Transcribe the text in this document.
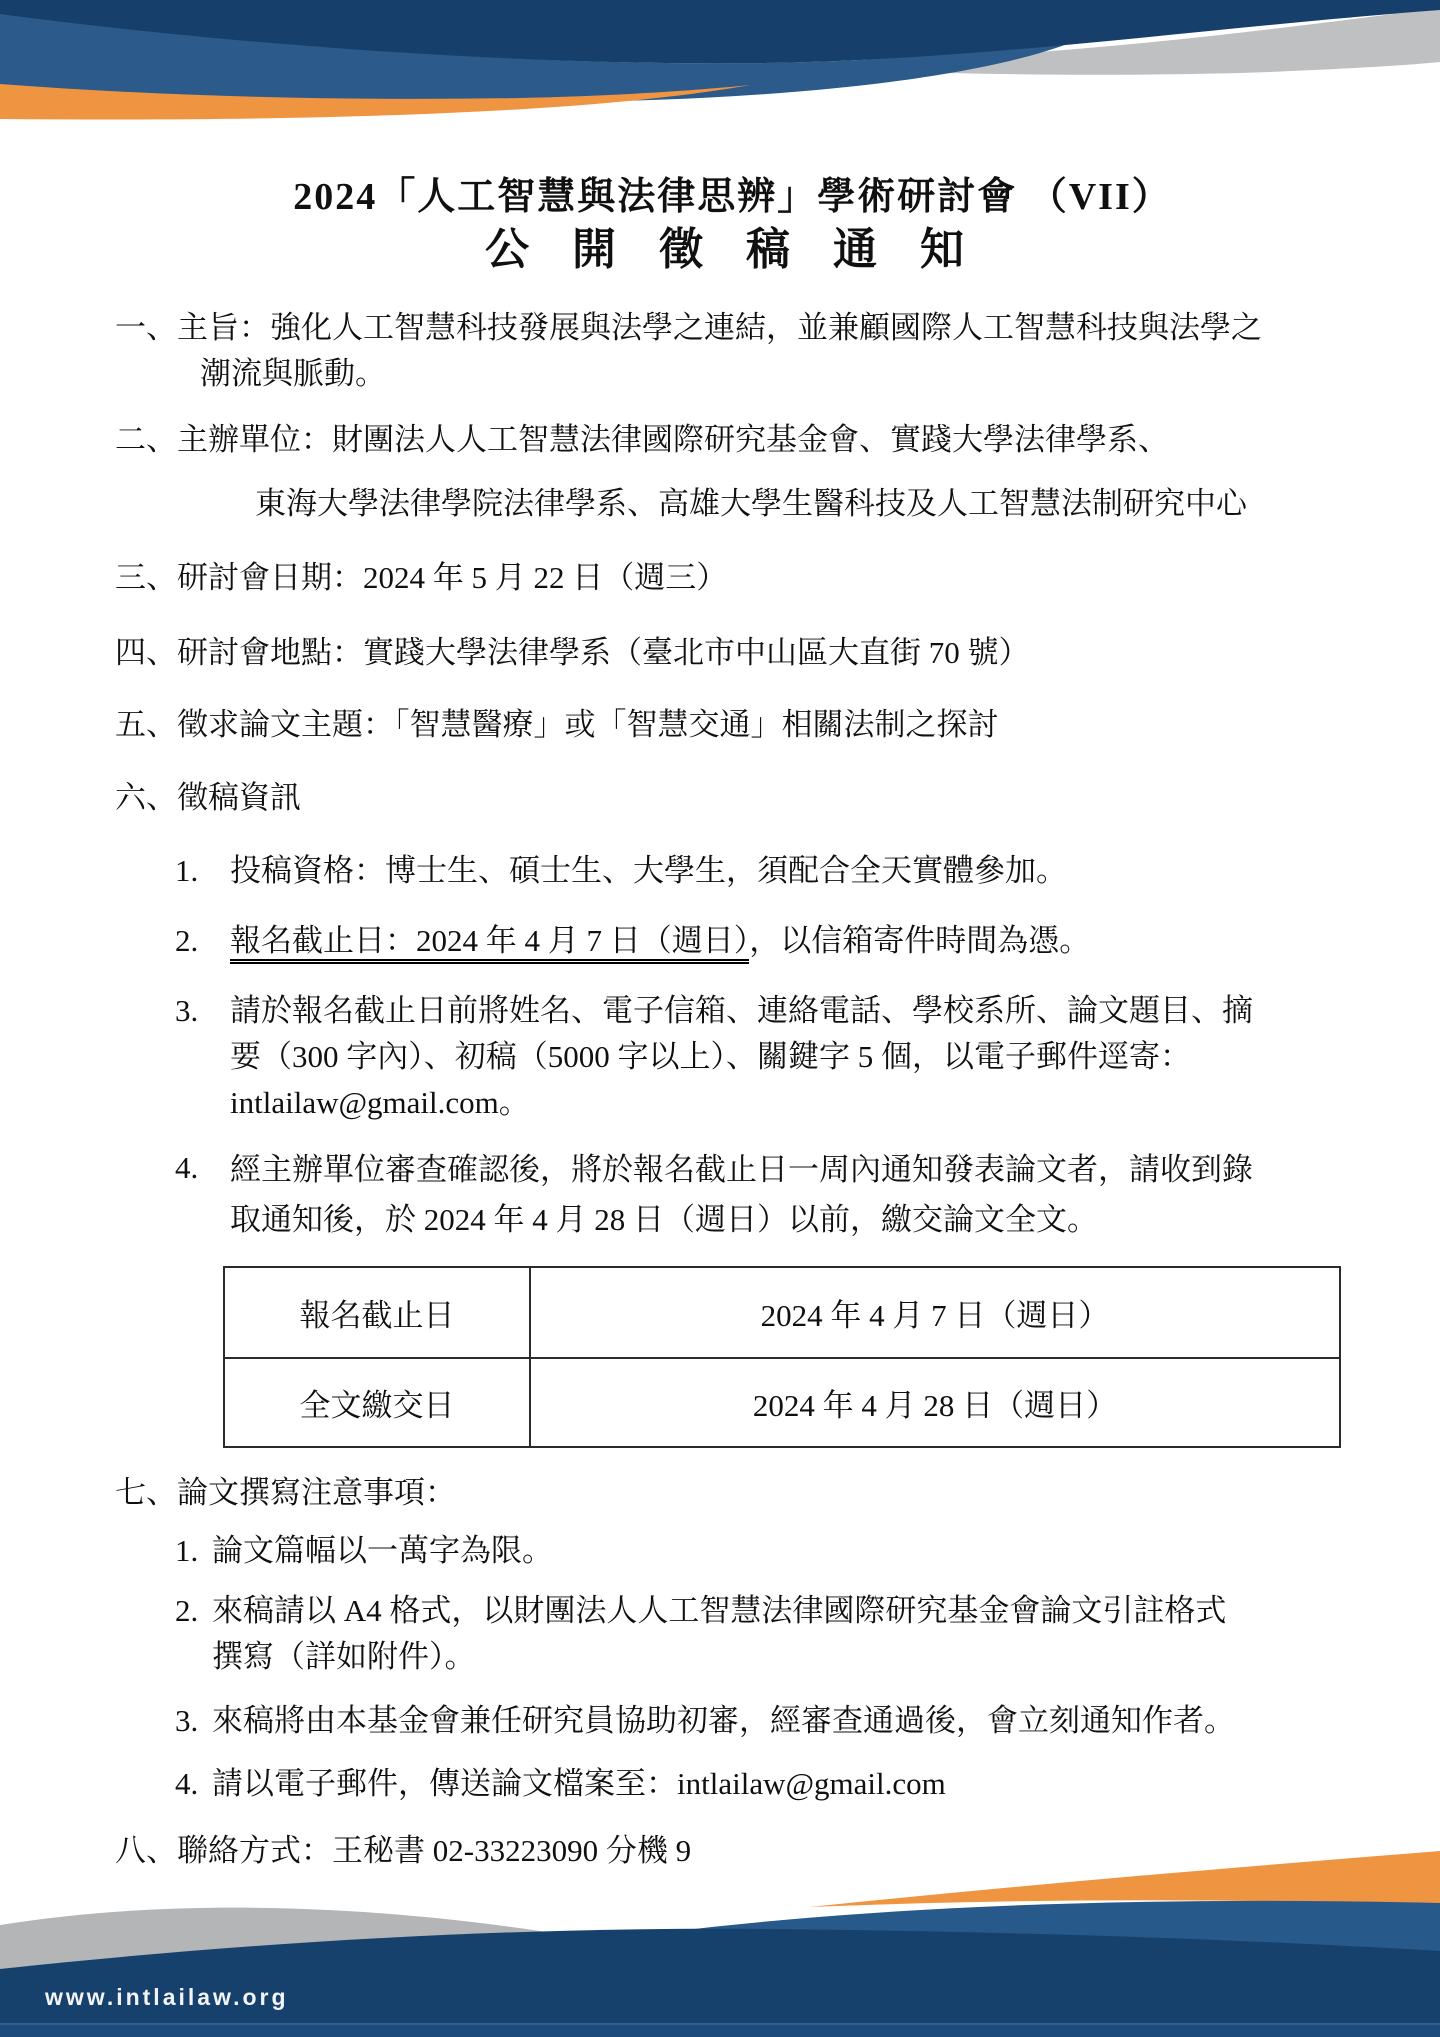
2024「人工智慧與法律思辨」學術研討會 （VII）
公 開 徵 稿 通 知
一、主旨：強化人工智慧科技發展與法學之連結，並兼顧國際人工智慧科技與法學之
潮流與脈動。
二、主辦單位：財團法人人工智慧法律國際研究基金會、實踐大學法律學系、
東海大學法律學院法律學系、高雄大學生醫科技及人工智慧法制研究中心
三、研討會日期：2024 年 5 月 22 日（週三）
四、研討會地點：實踐大學法律學系（臺北市中山區大直街 70 號）
五、徵求論文主題：「智慧醫療」或「智慧交通」相關法制之探討
六、徵稿資訊
1.	投稿資格：博士生、碩士生、大學生，須配合全天實體參加。
2.	報名截止日：2024 年 4 月 7 日（週日），以信箱寄件時間為憑。
3.	請於報名截止日前將姓名、電子信箱、連絡電話、學校系所、論文題目、摘
要（300 字內）、初稿（5000 字以上）、關鍵字 5 個，以電子郵件逕寄：
intlailaw@gmail.com。
4.	經主辦單位審查確認後，將於報名截止日一周內通知發表論文者，請收到錄
取通知後，於 2024 年 4 月 28 日（週日）以前，繳交論文全文。
報名截止日	2024 年 4 月 7 日（週日）
全文繳交日	2024 年 4 月 28 日（週日）
七、論文撰寫注意事項：
1. 論文篇幅以一萬字為限。
2. 來稿請以 A4 格式，以財團法人人工智慧法律國際研究基金會論文引註格式
撰寫（詳如附件）。
3. 來稿將由本基金會兼任研究員協助初審，經審查通過後，會立刻通知作者。
4. 請以電子郵件，傳送論文檔案至：intlailaw@gmail.com
八、聯絡方式：王秘書 02-33223090 分機 9
www.intlailaw.org
